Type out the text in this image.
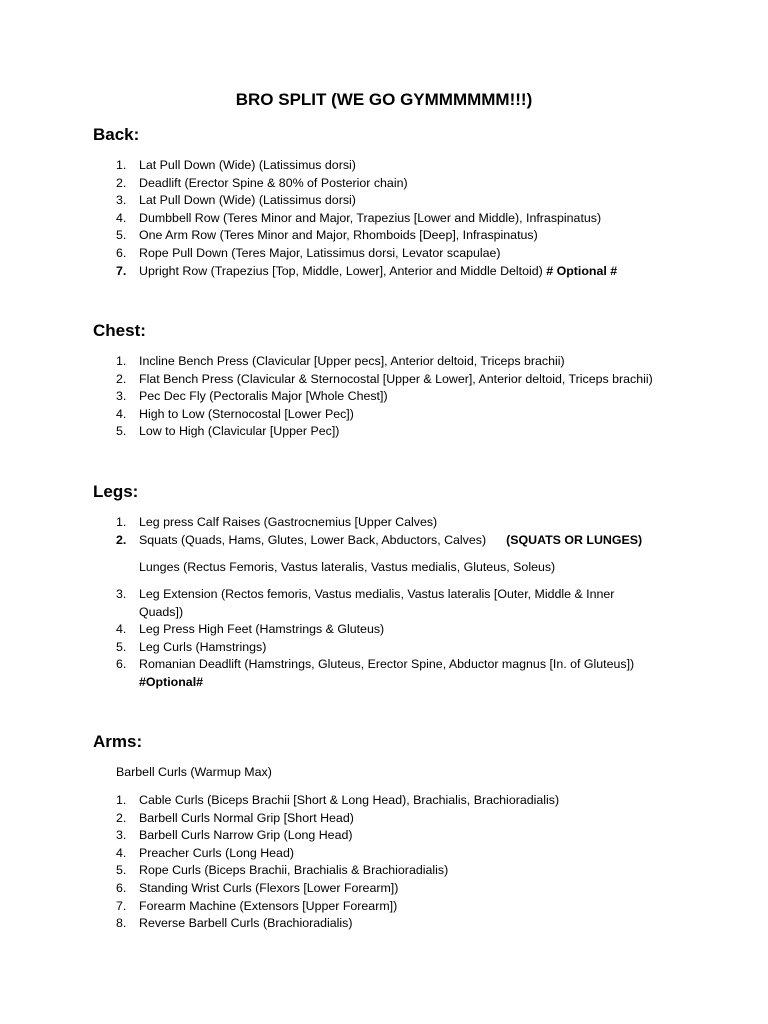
BRO SPLIT (WE GO GYMMMMMM!!!)
Back:
1.	Lat Pull Down (Wide) (Latissimus dorsi)
2.	Deadlift (Erector Spine & 80% of Posterior chain)
3.	Lat Pull Down (Wide) (Latissimus dorsi)
4.	Dumbbell Row (Teres Minor and Major, Trapezius [Lower and Middle), Infraspinatus)
5.	One Arm Row (Teres Minor and Major, Rhomboids [Deep], Infraspinatus)
6.	Rope Pull Down (Teres Major, Latissimus dorsi, Levator scapulae)
7.	Upright Row (Trapezius [Top, Middle, Lower], Anterior and Middle Deltoid) # Optional #
Chest:
1.	Incline Bench Press (Clavicular [Upper pecs], Anterior deltoid, Triceps brachii)
2.	Flat Bench Press (Clavicular & Sternocostal [Upper & Lower], Anterior deltoid, Triceps brachii)
3.	Pec Dec Fly (Pectoralis Major [Whole Chest])
4.	High to Low (Sternocostal [Lower Pec])
5.	Low to High (Clavicular [Upper Pec])
Legs:
1.	Leg press Calf Raises (Gastrocnemius [Upper Calves)
2.	Squats (Quads, Hams, Glutes, Lower Back, Abductors, Calves) (SQUATS OR LUNGES)
Lunges (Rectus Femoris, Vastus lateralis, Vastus medialis, Gluteus, Soleus)
3.	Leg Extension (Rectos femoris, Vastus medialis, Vastus lateralis [Outer, Middle & Inner
Quads])
4.	Leg Press High Feet (Hamstrings & Gluteus)
5.	Leg Curls (Hamstrings)
6.	Romanian Deadlift (Hamstrings, Gluteus, Erector Spine, Abductor magnus [In. of Gluteus])
#Optional#
Arms:
Barbell Curls (Warmup Max)
1.	Cable Curls (Biceps Brachii [Short & Long Head), Brachialis, Brachioradialis)
2.	Barbell Curls Normal Grip [Short Head)
3.	Barbell Curls Narrow Grip (Long Head)
4.	Preacher Curls (Long Head)
5.	Rope Curls (Biceps Brachii, Brachialis & Brachioradialis)
6.	Standing Wrist Curls (Flexors [Lower Forearm])
7.	Forearm Machine (Extensors [Upper Forearm])
8.	Reverse Barbell Curls (Brachioradialis)
